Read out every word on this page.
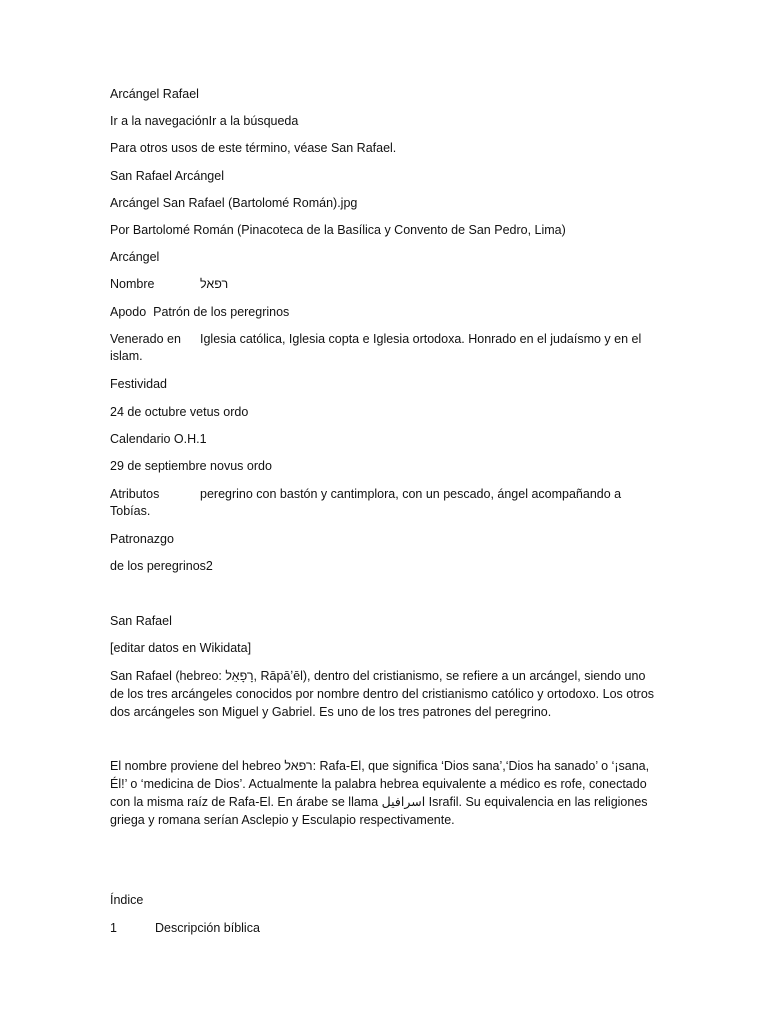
Arcángel Rafael
Ir a la navegaciónIr a la búsqueda
Para otros usos de este término, véase San Rafael.
San Rafael Arcángel
Arcángel San Rafael (Bartolomé Román).jpg
Por Bartolomé Román (Pinacoteca de la Basílica y Convento de San Pedro, Lima)
Arcángel
Nombre	רפאל
Apodo Patrón de los peregrinos
Venerado en Iglesia católica, Iglesia copta e Iglesia ortodoxa. Honrado en el judaísmo y en el islam.
Festividad
24 de octubre vetus ordo
Calendario O.H.1
29 de septiembre novus ordo
Atributos	peregrino con bastón y cantimplora, con un pescado, ángel acompañando a Tobías.
Patronazgo
de los peregrinos2
San Rafael
[editar datos en Wikidata]
San Rafael (hebreo: רָפָאֵל, Rāpāʼēl), dentro del cristianismo, se refiere a un arcángel, siendo uno de los tres arcángeles conocidos por nombre dentro del cristianismo católico y ortodoxo. Los otros dos arcángeles son Miguel y Gabriel. Es uno de los tres patrones del peregrino.
El nombre proviene del hebreo רפאל: Rafa-El, que significa ‘Dios sana’,‘Dios ha sanado’ o ‘¡sana, Él!’ o ‘medicina de Dios’. Actualmente la palabra hebrea equivalente a médico es rofe, conectado con la misma raíz de Rafa-El. En árabe se llama اسرافيل Israfil. Su equivalencia en las religiones griega y romana serían Asclepio y Esculapio respectivamente.
Índice
1	Descripción bíblica
